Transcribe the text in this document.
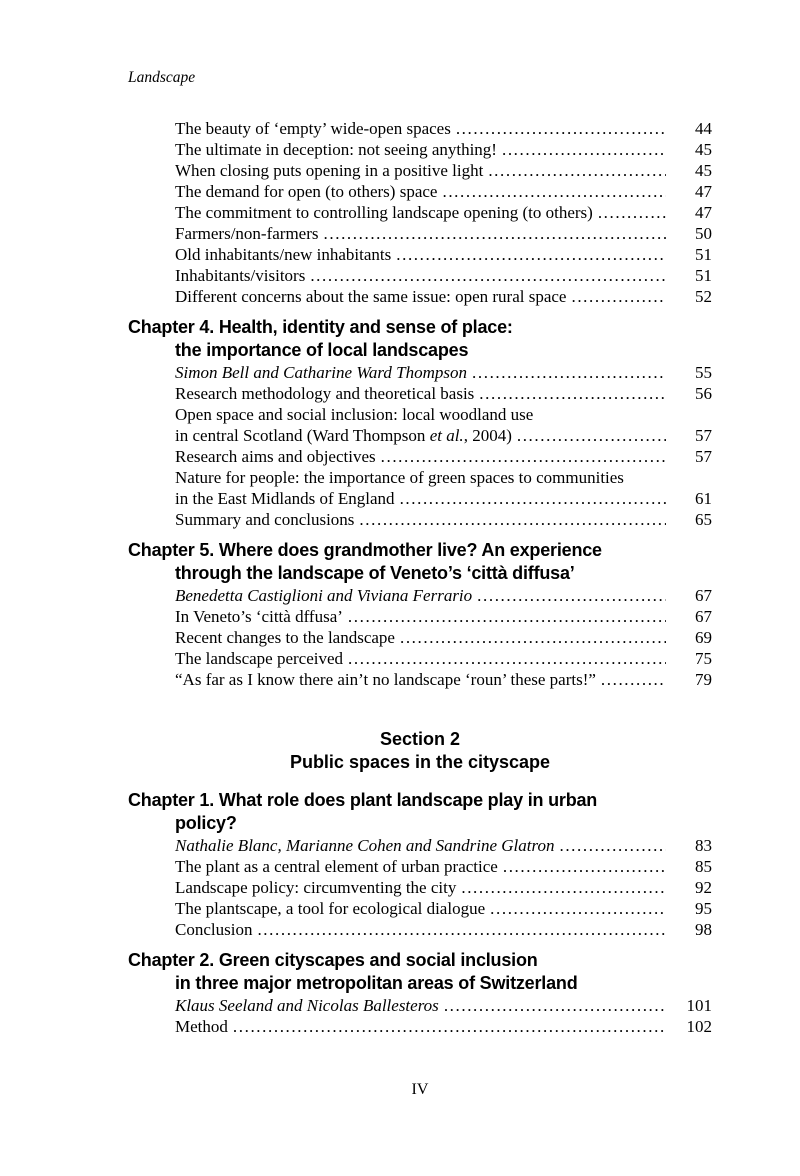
Landscape
The beauty of ‘empty’ wide-open spaces .....	44
The ultimate in deception: not seeing anything! .....	45
When closing puts opening in a positive light .....	45
The demand for open (to others) space .....	47
The commitment to controlling landscape opening (to others) .....	47
Farmers/non-farmers .....	50
Old inhabitants/new inhabitants .....	51
Inhabitants/visitors .....	51
Different concerns about the same issue: open rural space .....	52
Chapter 4. Health, identity and sense of place:
the importance of local landscapes
Simon Bell and Catharine Ward Thompson .....	55
Research methodology and theoretical basis .....	56
Open space and social inclusion: local woodland use
in central Scotland (Ward Thompson et al., 2004) .....	57
Research aims and objectives .....	57
Nature for people: the importance of green spaces to communities
in the East Midlands of England .....	61
Summary and conclusions .....	65
Chapter 5. Where does grandmother live? An experience
through the landscape of Veneto’s ‘città diffusa’
Benedetta Castiglioni and Viviana Ferrario .....	67
In Veneto’s ‘città dffusa’ .....	67
Recent changes to the landscape .....	69
The landscape perceived .....	75
“As far as I know there ain’t no landscape ‘roun’ these parts!” .....	79
Section 2
Public spaces in the cityscape
Chapter 1. What role does plant landscape play in urban
policy?
Nathalie Blanc, Marianne Cohen and Sandrine Glatron .....	83
The plant as a central element of urban practice .....	85
Landscape policy: circumventing the city .....	92
The plantscape, a tool for ecological dialogue .....	95
Conclusion .....	98
Chapter 2. Green cityscapes and social inclusion
in three major metropolitan areas of Switzerland
Klaus Seeland and Nicolas Ballesteros .....	101
Method .....	102
IV
